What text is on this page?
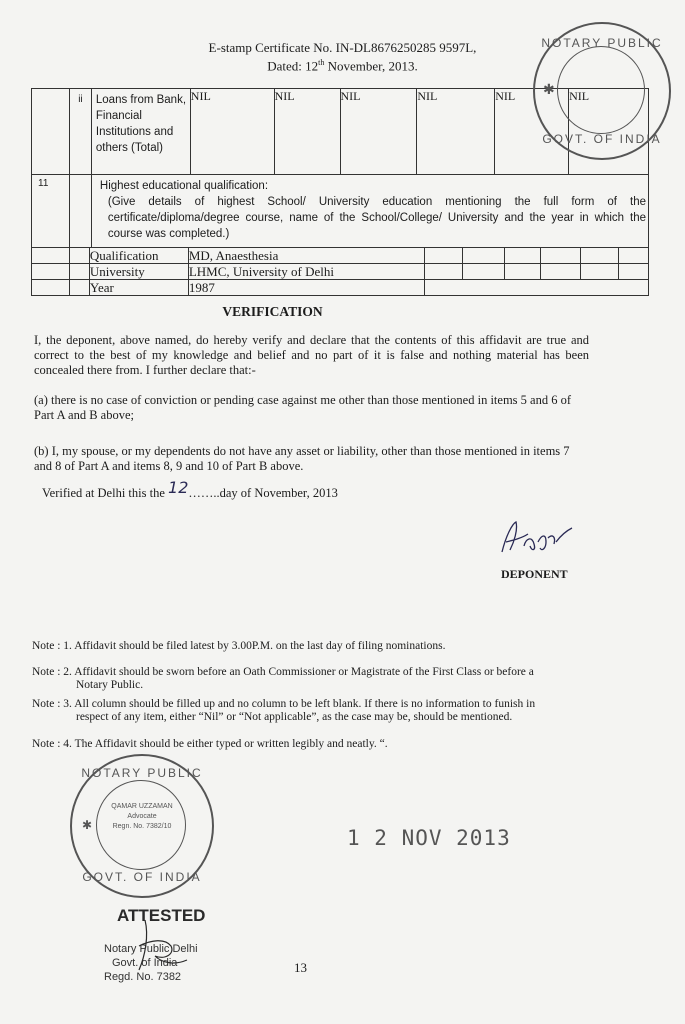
E-stamp Certificate No. IN-DL8676250285 9597L,
Dated: 12th November, 2013.
	ii	Loans from Bank, Financial Institutions and others (Total)	NIL	NIL	NIL	NIL	NIL	NIL
11		Highest educational qualification:
(Give details of highest School/ University education mentioning the full form of the certificate/diploma/degree course, name of the School/College/ University and the year in which the course was completed.)						
		Qualification	MD, Anaesthesia						
		University	LHMC, University of Delhi						
		Year	1987						
VERIFICATION
I, the deponent, above named, do hereby verify and declare that the contents of this affidavit are true and correct to the best of my knowledge and belief and no part of it is false and nothing material has been concealed there from. I further declare that:-
(a) there is no case of conviction or pending case against me other than those mentioned in items 5 and 6 of Part A and B above;
(b) I, my spouse, or my dependents do not have any asset or liability, other than those mentioned in items 7 and 8 of Part A and items 8, 9 and 10 of Part B above.
Verified at Delhi this the 12……..day of November, 2013
DEPONENT
Note : 1. Affidavit should be filed latest by 3.00P.M. on the last day of filing nominations.
Note : 2. Affidavit should be sworn before an Oath Commissioner or Magistrate of the First Class or before a
Notary Public.
Note : 3. All column should be filled up and no column to be left blank. If there is no information to funish in
respect of any item, either “Nil” or “Not applicable”, as the case may be, should be mentioned.
Note : 4. The Affidavit should be either typed or written legibly and neatly. “.
NOTARY PUBLIC
GOVT. OF INDIA
✱
NOTARY PUBLIC
GOVT. OF INDIA
QAMAR UZZAMAN
Advocate
Regn. No. 7382/10
✱
1 2 NOV 2013
ATTESTED
Notary Public Delhi
Govt. of India
Regd. No. 7382
13
